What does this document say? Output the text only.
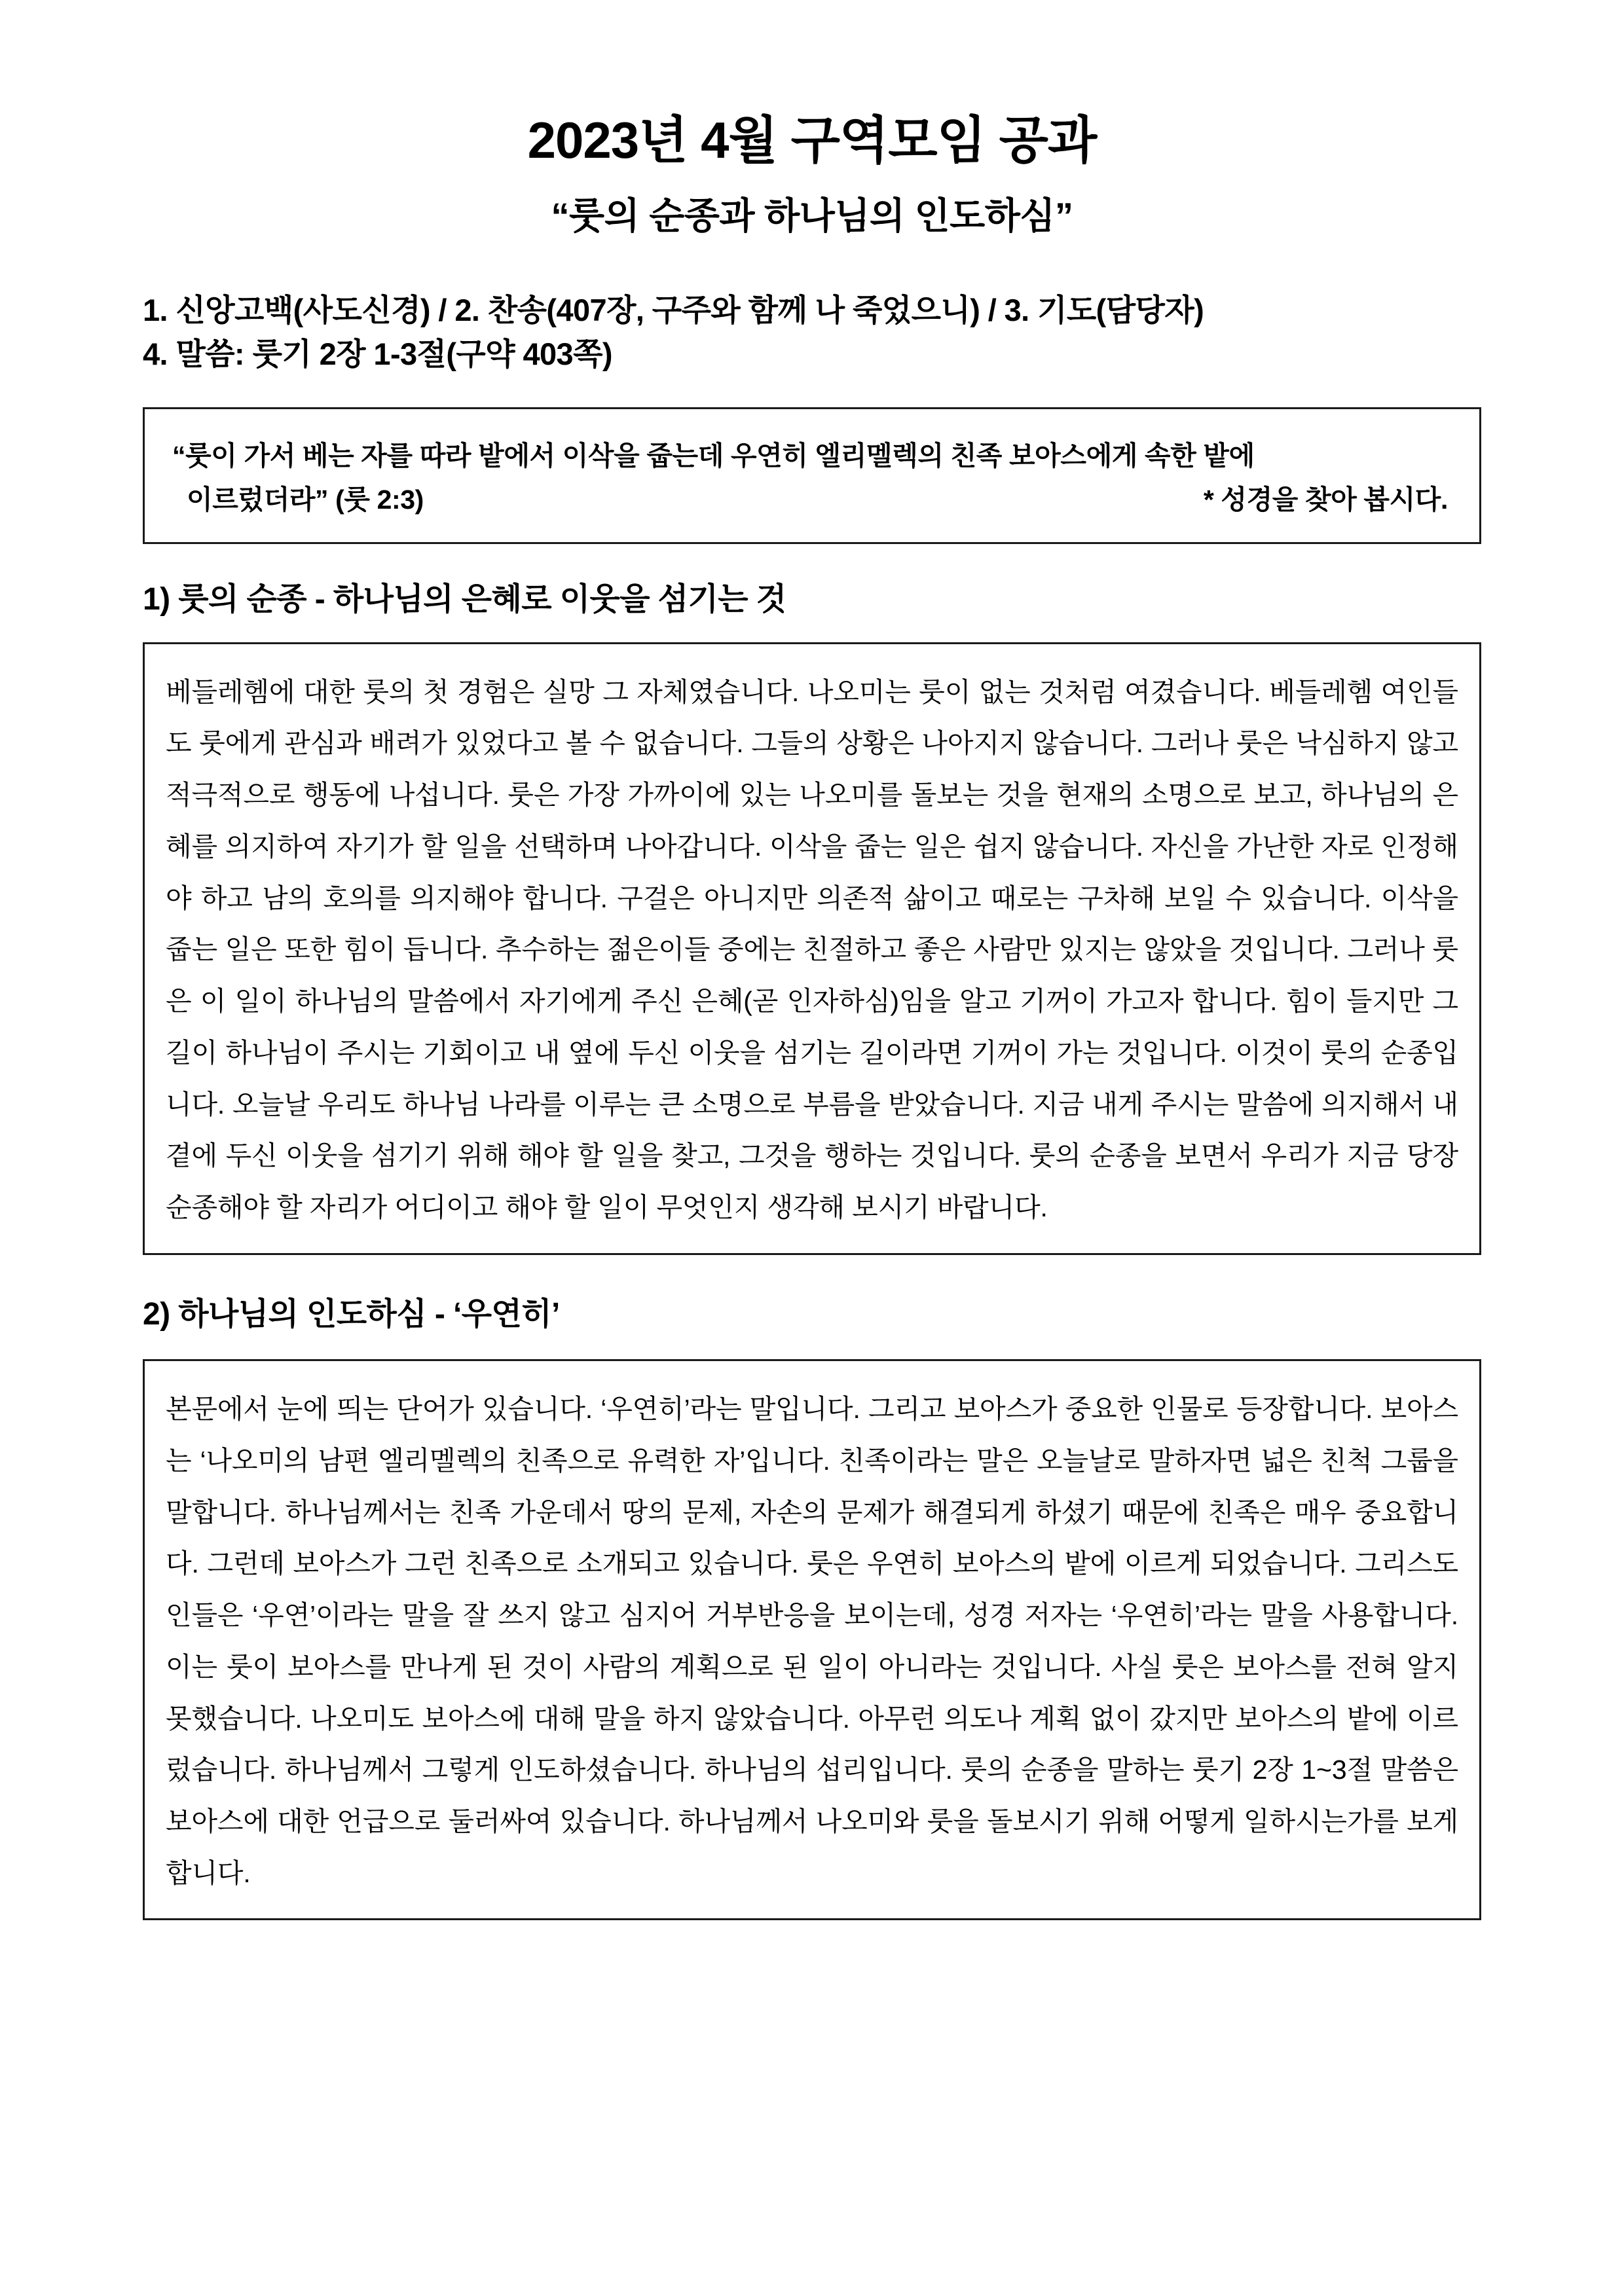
2023년 4월 구역모임 공과
“룻의 순종과 하나님의 인도하심”
1. 신앙고백(사도신경) / 2. 찬송(407장, 구주와 함께 나 죽었으니) / 3. 기도(담당자)
4. 말씀: 룻기 2장 1-3절(구약 403쪽)

“룻이 가서 베는 자를 따라 밭에서 이삭을 줍는데 우연히 엘리멜렉의 친족 보아스에게 속한 밭에

이르렀더라” (룻 2:3)	* 성경을 찾아 봅시다.
1) 룻의 순종 - 하나님의 은혜로 이웃을 섬기는 것

베들레헴에 대한 룻의 첫 경험은 실망 그 자체였습니다. 나오미는 룻이 없는 것처럼 여겼습니다. 베들레헴 여인들도 룻에게 관심과 배려가 있었다고 볼 수 없습니다. 그들의 상황은 나아지지 않습니다. 그러나 룻은 낙심하지 않고 적극적으로 행동에 나섭니다. 룻은 가장 가까이에 있는 나오미를 돌보는 것을 현재의 소명으로 보고, 하나님의 은혜를 의지하여 자기가 할 일을 선택하며 나아갑니다. 이삭을 줍는 일은 쉽지 않습니다. 자신을 가난한 자로 인정해야 하고 남의 호의를 의지해야 합니다. 구걸은 아니지만 의존적 삶이고 때로는 구차해 보일 수 있습니다. 이삭을 줍는 일은 또한 힘이 듭니다. 추수하는 젊은이들 중에는 친절하고 좋은 사람만 있지는 않았을 것입니다. 그러나 룻은 이 일이 하나님의 말씀에서 자기에게 주신 은혜(곧 인자하심)임을 알고 기꺼이 가고자 합니다. 힘이 들지만 그 길이 하나님이 주시는 기회이고 내 옆에 두신 이웃을 섬기는 길이라면 기꺼이 가는 것입니다. 이것이 룻의 순종입니다. 오늘날 우리도 하나님 나라를 이루는 큰 소명으로 부름을 받았습니다. 지금 내게 주시는 말씀에 의지해서 내 곁에 두신 이웃을 섬기기 위해 해야 할 일을 찾고, 그것을 행하는 것입니다. 룻의 순종을 보면서 우리가 지금 당장 순종해야 할 자리가 어디이고 해야 할 일이 무엇인지 생각해 보시기 바랍니다.

2) 하나님의 인도하심 - ‘우연히’

본문에서 눈에 띄는 단어가 있습니다. ‘우연히’라는 말입니다. 그리고 보아스가 중요한 인물로 등장합니다. 보아스는 ‘나오미의 남편 엘리멜렉의 친족으로 유력한 자’입니다. 친족이라는 말은 오늘날로 말하자면 넓은 친척 그룹을 말합니다. 하나님께서는 친족 가운데서 땅의 문제, 자손의 문제가 해결되게 하셨기 때문에 친족은 매우 중요합니다. 그런데 보아스가 그런 친족으로 소개되고 있습니다. 룻은 우연히 보아스의 밭에 이르게 되었습니다. 그리스도인들은 ‘우연’이라는 말을 잘 쓰지 않고 심지어 거부반응을 보이는데, 성경 저자는 ‘우연히’라는 말을 사용합니다. 이는 룻이 보아스를 만나게 된 것이 사람의 계획으로 된 일이 아니라는 것입니다. 사실 룻은 보아스를 전혀 알지 못했습니다. 나오미도 보아스에 대해 말을 하지 않았습니다. 아무런 의도나 계획 없이 갔지만 보아스의 밭에 이르렀습니다. 하나님께서 그렇게 인도하셨습니다. 하나님의 섭리입니다. 룻의 순종을 말하는 룻기 2장 1~3절 말씀은 보아스에 대한 언급으로 둘러싸여 있습니다. 하나님께서 나오미와 룻을 돌보시기 위해 어떻게 일하시는가를 보게 합니다.
